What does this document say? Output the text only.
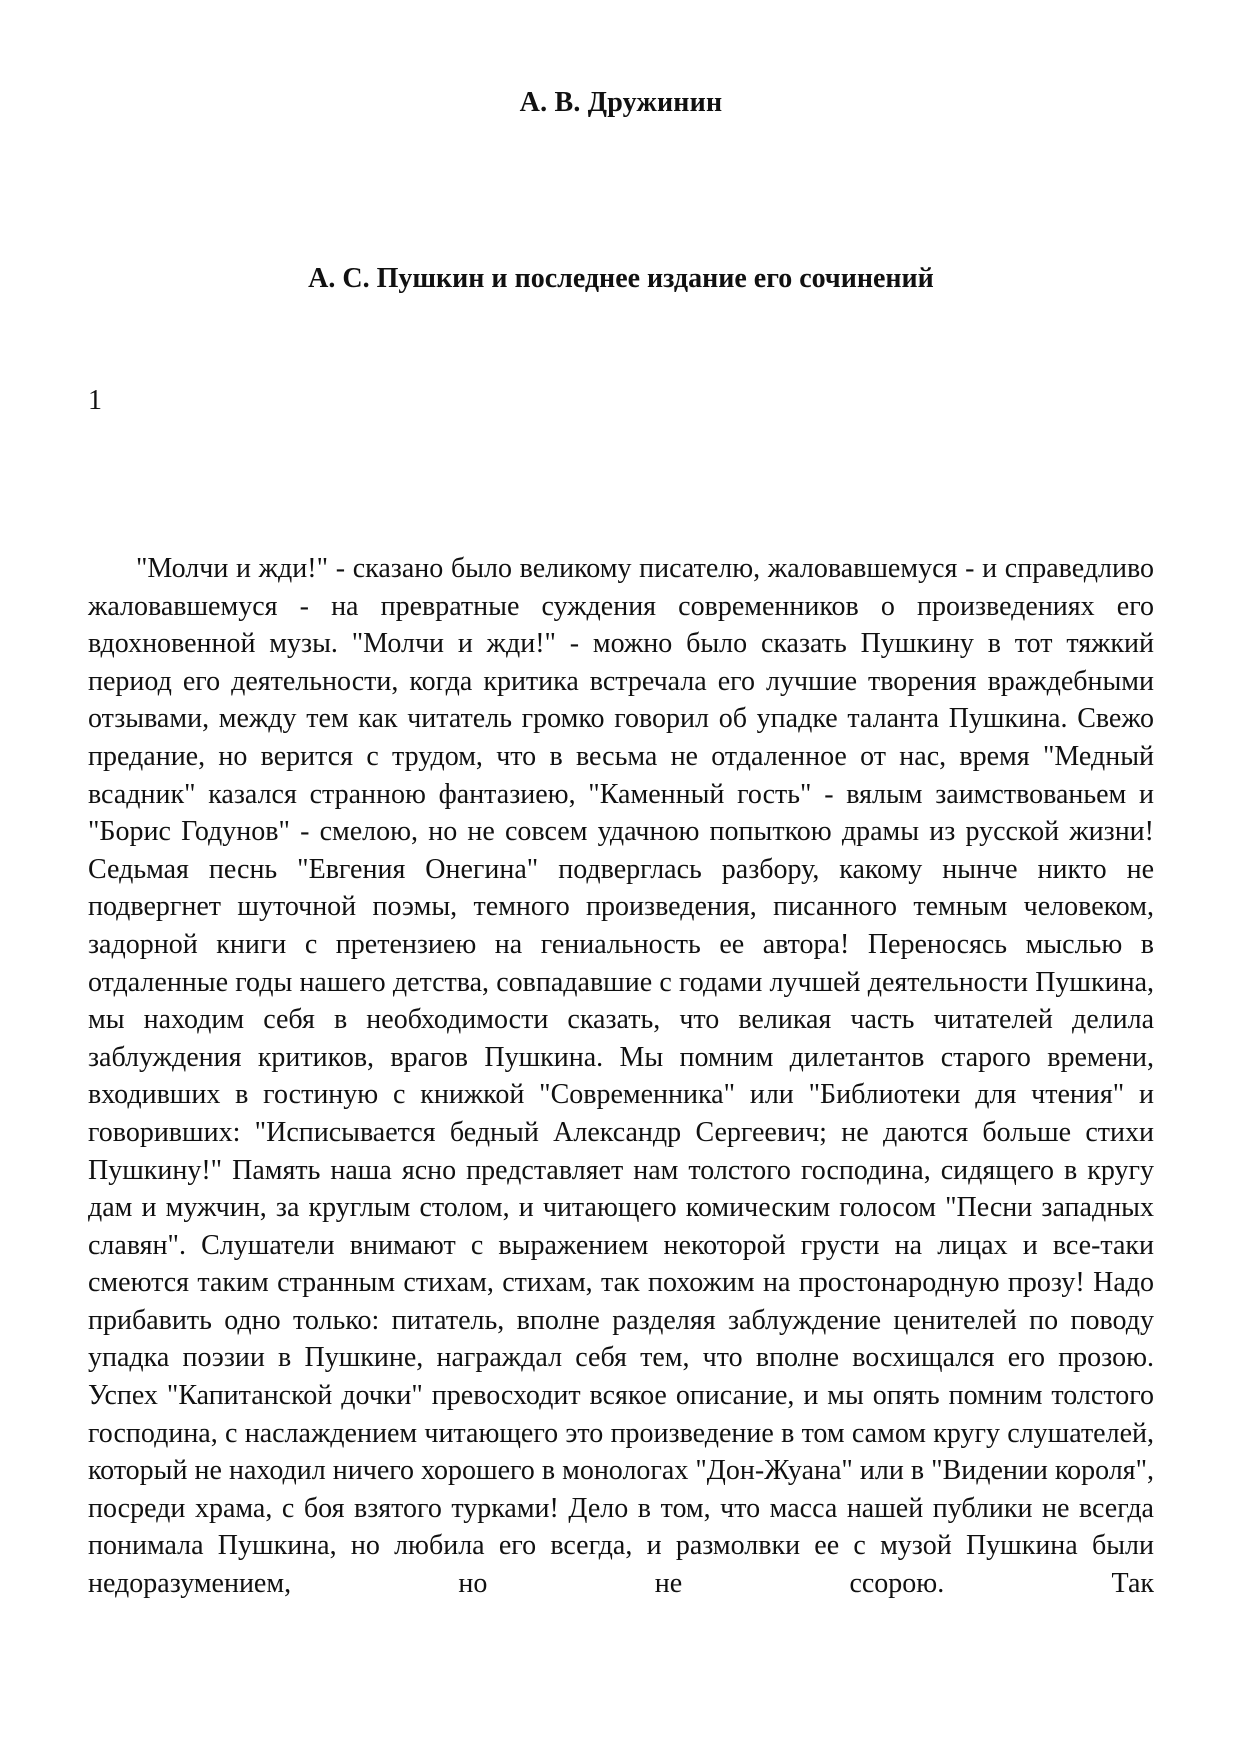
А. В. Дружинин
А. С. Пушкин и последнее издание его сочинений
1
"Молчи и жди!" - сказано было великому писателю, жаловавшемуся - и справедливо жаловавшемуся - на превратные суждения современников о произведениях его вдохновенной музы. "Молчи и жди!" - можно было сказать Пушкину в тот тяжкий период его деятельности, когда критика встречала его лучшие творения враждебными отзывами, между тем как читатель громко говорил об упадке таланта Пушкина. Свежо предание, но верится с трудом, что в весьма не отдаленное от нас, время "Медный всадник" казался странною фантазиею, "Каменный гость" - вялым заимствованьем и "Борис Годунов" - смелою, но не совсем удачною попыткою драмы из русской жизни! Седьмая песнь "Евгения Онегина" подверглась разбору, какому нынче никто не подвергнет шуточной поэмы, темного произведения, писанного темным человеком, задорной книги с претензиею на гениальность ее автора! Переносясь мыслью в отдаленные годы нашего детства, совпадавшие с годами лучшей деятельности Пушкина, мы находим себя в необходимости сказать, что великая часть читателей делила заблуждения критиков, врагов Пушкина. Мы помним дилетантов старого времени, входивших в гостиную с книжкой "Современника" или "Библиотеки для чтения" и говоривших: "Исписывается бедный Александр Сергеевич; не даются больше стихи Пушкину!" Память наша ясно представляет нам толстого господина, сидящего в кругу дам и мужчин, за круглым столом, и читающего комическим голосом "Песни западных славян". Слушатели внимают с выражением некоторой грусти на лицах и все-таки смеются таким странным стихам, стихам, так похожим на простонародную прозу! Надо прибавить одно только: питатель, вполне разделяя заблуждение ценителей по поводу упадка поэзии в Пушкине, награждал себя тем, что вполне восхищался его прозою. Успех "Капитанской дочки" превосходит всякое описание, и мы опять помним толстого господина, с наслаждением читающего это произведение в том самом кругу слушателей, который не находил ничего хорошего в монологах "Дон-Жуана" или в "Видении короля", посреди храма, с боя взятого турками! Дело в том, что масса нашей публики не всегда понимала Пушкина, но любила его всегда, и размолвки ее с музой Пушкина были недоразумением, но не ссорою. Так
